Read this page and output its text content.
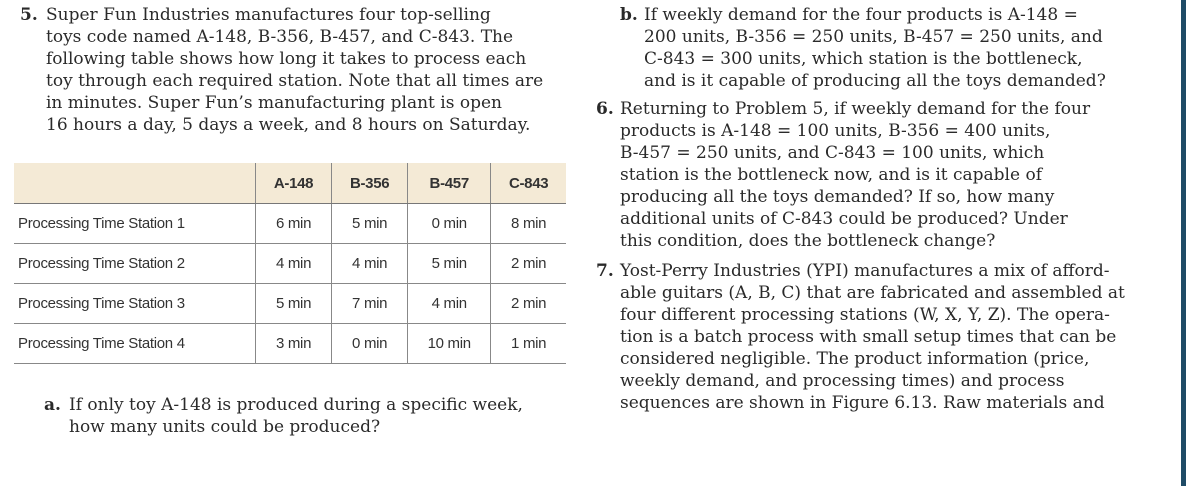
5. Super Fun Industries manufactures four top-selling
toys code named A-148, B-356, B-457, and C-843. The
following table shows how long it takes to process each
toy through each required station. Note that all times are
in minutes. Super Fun’s manufacturing plant is open
16 hours a day, 5 days a week, and 8 hours on Saturday.
	A-148	B-356	B-457	C-843
Processing Time Station 1	6 min	5 min	0 min	8 min
Processing Time Station 2	4 min	4 min	5 min	2 min
Processing Time Station 3	5 min	7 min	4 min	2 min
Processing Time Station 4	3 min	0 min	10 min	1 min
a. If only toy A-148 is produced during a specific week,
how many units could be produced?
b. If weekly demand for the four products is A-148 =
200 units, B-356 = 250 units, B-457 = 250 units, and
C-843 = 300 units, which station is the bottleneck,
and is it capable of producing all the toys demanded?
6. Returning to Problem 5, if weekly demand for the four
products is A-148 = 100 units, B-356 = 400 units,
B-457 = 250 units, and C-843 = 100 units, which
station is the bottleneck now, and is it capable of
producing all the toys demanded? If so, how many
additional units of C-843 could be produced? Under
this condition, does the bottleneck change?
7. Yost-Perry Industries (YPI) manufactures a mix of afford-
able guitars (A, B, C) that are fabricated and assembled at
four different processing stations (W, X, Y, Z). The opera-
tion is a batch process with small setup times that can be
considered negligible. The product information (price,
weekly demand, and processing times) and process
sequences are shown in Figure 6.13. Raw materials and
